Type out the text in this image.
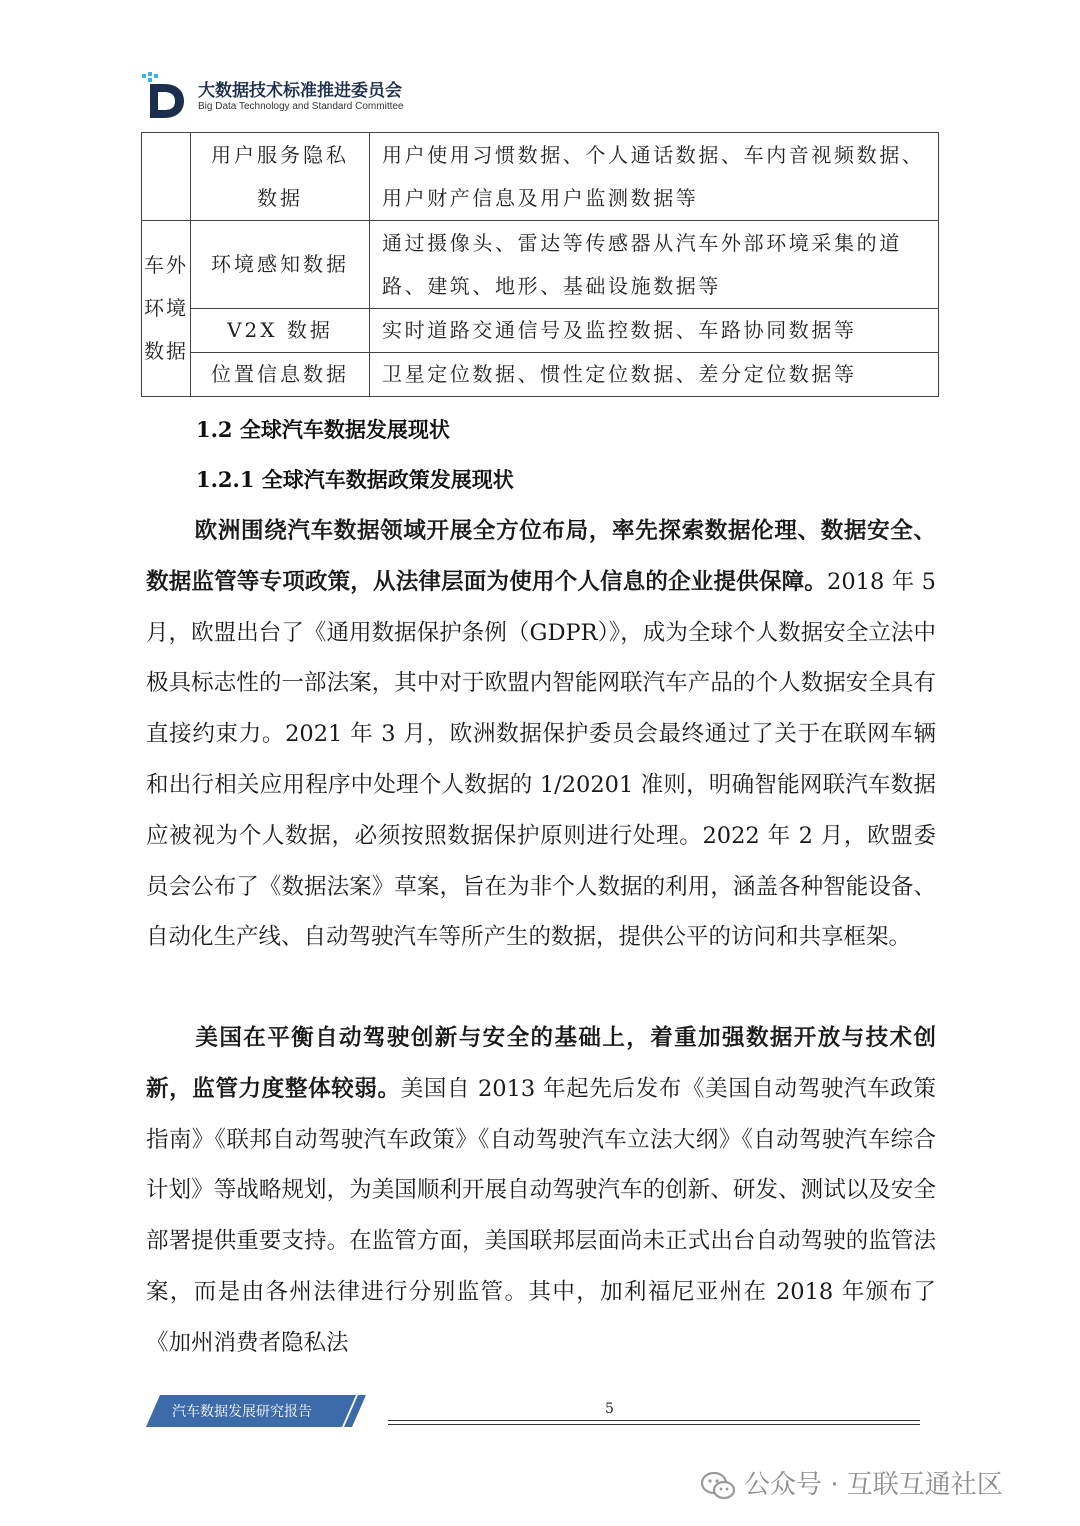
大数据技术标准推进委员会
Big Data Technology and Standard Committee
	用户服务隐私数据	用户使用习惯数据、个人通话数据、车内音视频数据、用户财产信息及用户监测数据等
车外环境数据	环境感知数据	通过摄像头、雷达等传感器从汽车外部环境采集的道路、建筑、地形、基础设施数据等
	V2X 数据	实时道路交通信号及监控数据、车路协同数据等
	位置信息数据	卫星定位数据、惯性定位数据、差分定位数据等
1.2 全球汽车数据发展现状
1.2.1 全球汽车数据政策发展现状
欧洲围绕汽车数据领域开展全方位布局，率先探索数据伦理、数据安全、数据监管等专项政策，从法律层面为使用个人信息的企业提供保障。2018 年 5 月，欧盟出台了《通用数据保护条例（GDPR）》，成为全球个人数据安全立法中极具标志性的一部法案，其中对于欧盟内智能网联汽车产品的个人数据安全具有直接约束力。2021 年 3 月，欧洲数据保护委员会最终通过了关于在联网车辆和出行相关应用程序中处理个人数据的 1/20201 准则，明确智能网联汽车数据应被视为个人数据，必须按照数据保护原则进行处理。2022 年 2 月，欧盟委员会公布了《数据法案》草案，旨在为非个人数据的利用，涵盖各种智能设备、自动化生产线、自动驾驶汽车等所产生的数据，提供公平的访问和共享框架。
美国在平衡自动驾驶创新与安全的基础上，着重加强数据开放与技术创新，监管力度整体较弱。美国自 2013 年起先后发布《美国自动驾驶汽车政策指南》《联邦自动驾驶汽车政策》《自动驾驶汽车立法大纲》《自动驾驶汽车综合计划》等战略规划，为美国顺利开展自动驾驶汽车的创新、研发、测试以及安全部署提供重要支持。在监管方面，美国联邦层面尚未正式出台自动驾驶的监管法案，而是由各州法律进行分别监管。其中，加利福尼亚州在 2018 年颁布了《加州消费者隐私法
汽车数据发展研究报告	5
公众号 · 互联互通社区
